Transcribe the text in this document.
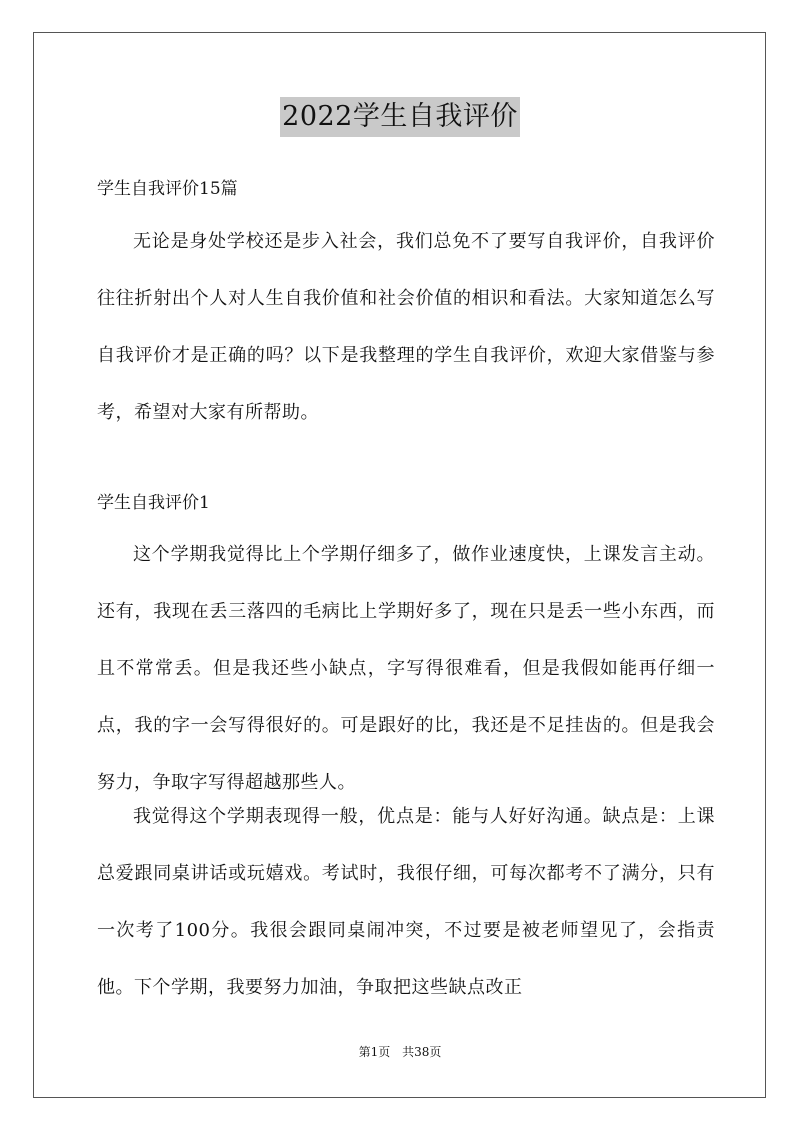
2022学生自我评价
学生自我评价15篇

无论是身处学校还是步入社会，我们总免不了要写自我评价，自我评价往往折射出个人对人生自我价值和社会价值的相识和看法。大家知道怎么写自我评价才是正确的吗？以下是我整理的学生自我评价，欢迎大家借鉴与参考，希望对大家有所帮助。

学生自我评价1

这个学期我觉得比上个学期仔细多了，做作业速度快，上课发言主动。还有，我现在丢三落四的毛病比上学期好多了，现在只是丢一些小东西，而且不常常丢。但是我还些小缺点，字写得很难看，但是我假如能再仔细一点，我的字一会写得很好的。可是跟好的比，我还是不足挂齿的。但是我会努力，争取字写得超越那些人。

我觉得这个学期表现得一般，优点是：能与人好好沟通。缺点是：上课总爱跟同桌讲话或玩嬉戏。考试时，我很仔细，可每次都考不了满分，只有一次考了100分。我很会跟同桌闹冲突，不过要是被老师望见了，会指责他。下个学期，我要努力加油，争取把这些缺点改正

第1页 共38页
